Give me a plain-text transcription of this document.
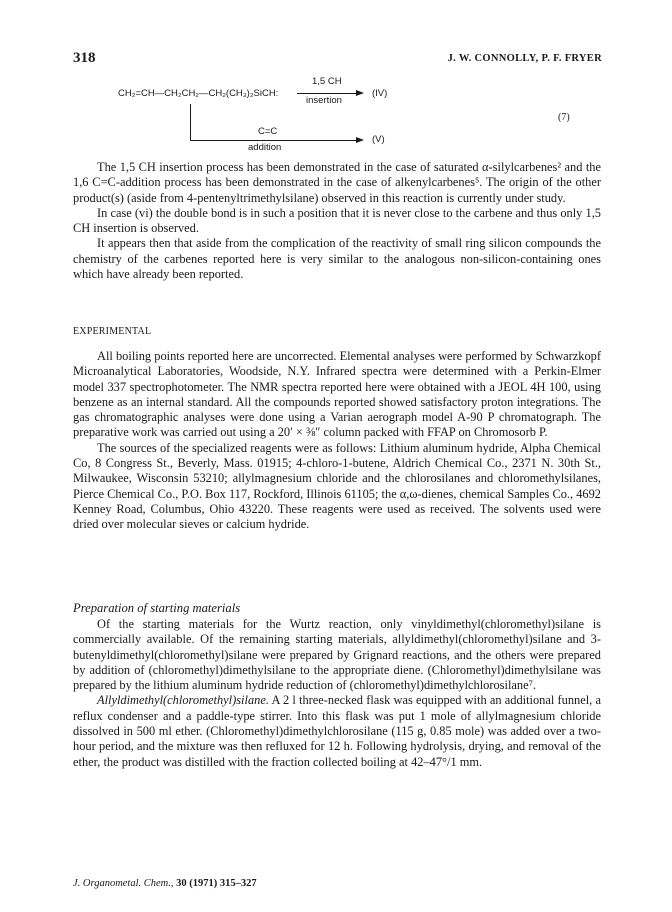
318	J. W. CONNOLLY, P. F. FRYER
CH₂=CH—CH₂CH₂—CH₂(CH₃)₂SiCH:
1,5 CH
insertion
(IV)
C=C
addition
(V)
(7)

The 1,5 CH insertion process has been demonstrated in the case of saturated α-silylcarbenes² and the 1,6 C=C-addition process has been demonstrated in the case of alkenylcarbenes⁵. The origin of the other product(s) (aside from 4-pentenyltrimethylsilane) observed in this reaction is currently under study.

In case (vi) the double bond is in such a position that it is never close to the carbene and thus only 1,5 CH insertion is observed.

It appears then that aside from the complication of the reactivity of small ring silicon compounds the chemistry of the carbenes reported here is very similar to the analogous non-silicon-containing ones which have already been reported.

EXPERIMENTAL

All boiling points reported here are uncorrected. Elemental analyses were performed by Schwarzkopf Microanalytical Laboratories, Woodside, N.Y. Infrared spectra were determined with a Perkin-Elmer model 337 spectrophotometer. The NMR spectra reported here were obtained with a JEOL 4H 100, using benzene as an internal standard. All the compounds reported showed satisfactory proton integrations. The gas chromatographic analyses were done using a Varian aerograph model A-90 P chromatograph. The preparative work was carried out using a 20′ × ⅜″ column packed with FFAP on Chromosorb P.

The sources of the specialized reagents were as follows: Lithium aluminum hydride, Alpha Chemical Co, 8 Congress St., Beverly, Mass. 01915; 4-chloro-1-butene, Aldrich Chemical Co., 2371 N. 30th St., Milwaukee, Wisconsin 53210; allylmagnesium chloride and the chlorosilanes and chloromethylsilanes, Pierce Chemical Co., P.O. Box 117, Rockford, Illinois 61105; the α,ω-dienes, chemical Samples Co., 4692 Kenney Road, Columbus, Ohio 43220. These reagents were used as received. The solvents used were dried over molecular sieves or calcium hydride.

Preparation of starting materials

Of the starting materials for the Wurtz reaction, only vinyldimethyl(chloromethyl)silane is commercially available. Of the remaining starting materials, allyldimethyl(chloromethyl)silane and 3-butenyldimethyl(chloromethyl)silane were prepared by Grignard reactions, and the others were prepared by addition of (chloromethyl)dimethylsilane to the appropriate diene. (Chloromethyl)dimethylsilane was prepared by the lithium aluminum hydride reduction of (chloromethyl)dimethylchlorosilane⁷.

Allyldimethyl(chloromethyl)silane. A 2 l three-necked flask was equipped with an additional funnel, a reflux condenser and a paddle-type stirrer. Into this flask was put 1 mole of allylmagnesium chloride dissolved in 500 ml ether. (Chloromethyl)dimethylchlorosilane (115 g, 0.85 mole) was added over a two-hour period, and the mixture was then refluxed for 12 h. Following hydrolysis, drying, and removal of the ether, the product was distilled with the fraction collected boiling at 42–47°/1 mm.

J. Organometal. Chem., 30 (1971) 315–327
